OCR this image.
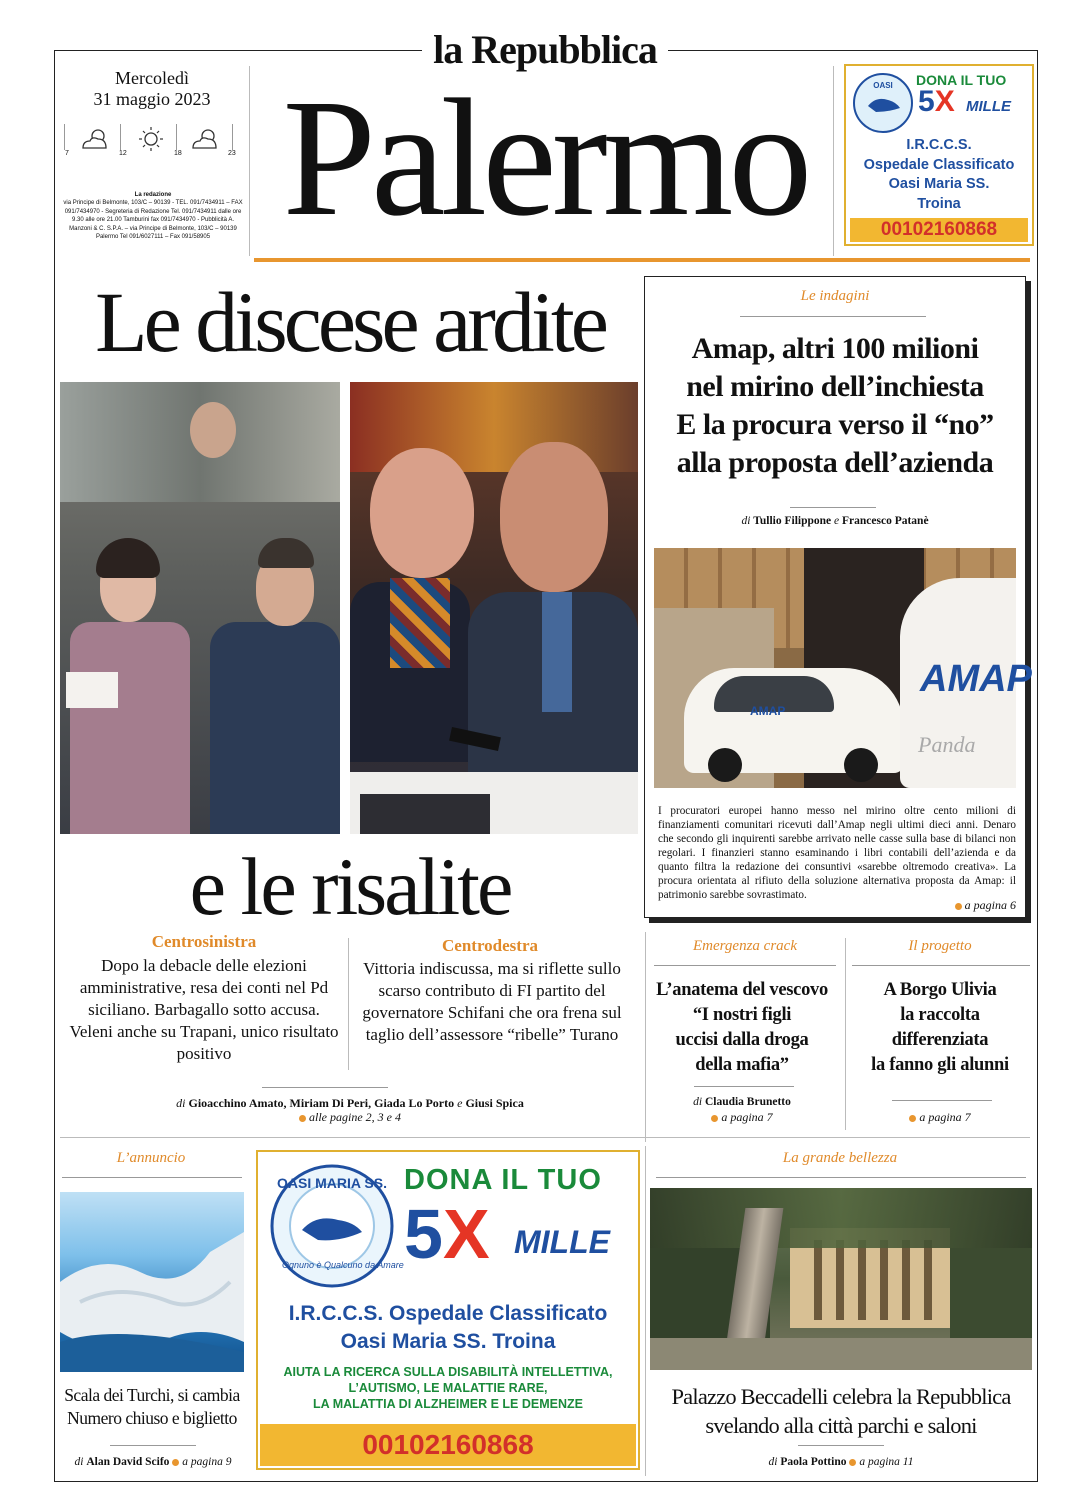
la Repubblica
Palermo
Mercoledì
31 maggio 2023
7	12	18	23
La redazione
via Principe di Belmonte, 103/C – 90139 - TEL. 091/7434911 – FAX 091/7434970 - Segreteria di Redazione Tel. 091/7434911 dalle ore 9.30 alle ore 21.00 Tamburini fax 091/7434970 - Pubblicità A. Manzoni & C. S.P.A. – via Principe di Belmonte, 103/C – 90139 Palermo Tel 091/6027111 – Fax 091/58905
OASI DONA IL TUO
5X MILLE
I.R.C.C.S.
Ospedale Classificato
Oasi Maria SS.
Troina
00102160868
Le discese ardite
e le risalite
Centrosinistra
Dopo la debacle delle elezioni amministrative, resa dei conti nel Pd siciliano. Barbagallo sotto accusa. Veleni anche su Trapani, unico risultato positivo
Centrodestra
Vittoria indiscussa, ma si riflette sullo scarso contributo di FI partito del governatore Schifani che ora frena sul taglio dell’assessore “ribelle” Turano
di Gioacchino Amato, Miriam Di Peri, Giada Lo Porto e Giusi Spica
alle pagine 2, 3 e 4
Le indagini
Amap, altri 100 milioni
nel mirino dell’inchiesta
E la procura verso il “no”
alla proposta dell’azienda
di Tullio Filippone e Francesco Patanè
AMAP
AMAP
Panda
I procuratori europei hanno messo nel mirino oltre cento milioni di finanziamenti comunitari ricevuti dall’Amap negli ultimi dieci anni. Denaro che secondo gli inquirenti sarebbe arrivato nelle casse sulla base di bilanci non regolari. I finanzieri stanno esaminando i libri contabili dell’azienda e da quanto filtra la redazione dei consuntivi «sarebbe oltremodo creativa». La procura orientata al rifiuto della soluzione alternativa proposta da Amap: il patrimonio sarebbe sovrastimato.
a pagina 6
Emergenza crack
L’anatema del vescovo
“I nostri figli
uccisi dalla droga
della mafia”
di Claudia Brunetto
a pagina 7
Il progetto
A Borgo Ulivia
la raccolta
differenziata
la fanno gli alunni
a pagina 7
L’annuncio
Scala dei Turchi, si cambia
Numero chiuso e biglietto
di Alan David Scifo a pagina 9
OASI MARIA SS.
Ognuno è Qualcuno da Amare
DONA IL TUO
5X MILLE
I.R.C.C.S. Ospedale Classificato
Oasi Maria SS. Troina
AIUTA LA RICERCA SULLA DISABILITÀ INTELLETTIVA,
L’AUTISMO, LE MALATTIE RARE,
LA MALATTIA DI ALZHEIMER E LE DEMENZE
00102160868
La grande bellezza
Palazzo Beccadelli celebra la Repubblica
svelando alla città parchi e saloni
di Paola Pottino a pagina 11
